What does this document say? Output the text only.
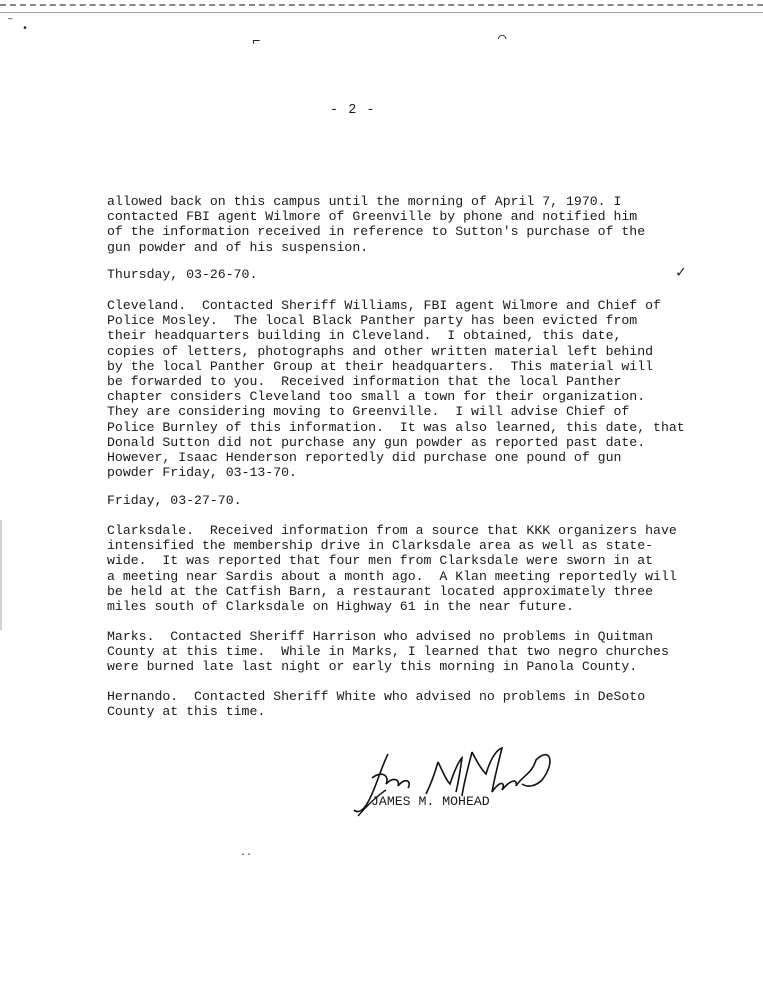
⁻ •
⌐	⌒
✓
- 2 -
allowed back on this campus until the morning of April 7, 1970. I
contacted FBI agent Wilmore of Greenville by phone and notified him
of the information received in reference to Sutton's purchase of the
gun powder and of his suspension.
Thursday, 03-26-70.
Cleveland.  Contacted Sheriff Williams, FBI agent Wilmore and Chief of
Police Mosley.  The local Black Panther party has been evicted from
their headquarters building in Cleveland.  I obtained, this date,
copies of letters, photographs and other written material left behind
by the local Panther Group at their headquarters.  This material will
be forwarded to you.  Received information that the local Panther
chapter considers Cleveland too small a town for their organization.
They are considering moving to Greenville.  I will advise Chief of
Police Burnley of this information.  It was also learned, this date, that
Donald Sutton did not purchase any gun powder as reported past date.
However, Isaac Henderson reportedly did purchase one pound of gun
powder Friday, 03-13-70.
Friday, 03-27-70.
Clarksdale.  Received information from a source that KKK organizers have
intensified the membership drive in Clarksdale area as well as state-
wide.  It was reported that four men from Clarksdale were sworn in at
a meeting near Sardis about a month ago.  A Klan meeting reportedly will
be held at the Catfish Barn, a restaurant located approximately three
miles south of Clarksdale on Highway 61 in the near future.
Marks.  Contacted Sheriff Harrison who advised no problems in Quitman
County at this time.  While in Marks, I learned that two negro churches
were burned late last night or early this morning in Panola County.
Hernando.  Contacted Sheriff White who advised no problems in DeSoto
County at this time.
JAMES M. MOHEAD
··
